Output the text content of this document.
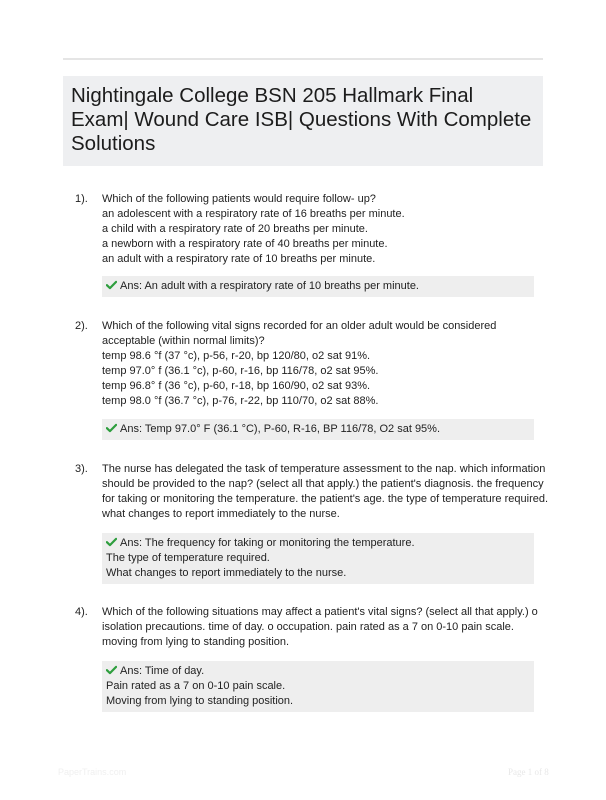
Nightingale College BSN 205 Hallmark Final Exam| Wound Care ISB| Questions With Complete Solutions
1). Which of the following patients would require follow- up?
an adolescent with a respiratory rate of 16 breaths per minute.
a child with a respiratory rate of 20 breaths per minute.
a newborn with a respiratory rate of 40 breaths per minute.
an adult with a respiratory rate of 10 breaths per minute.
Ans: An adult with a respiratory rate of 10 breaths per minute.
2). Which of the following vital signs recorded for an older adult would be considered
acceptable (within normal limits)?
temp 98.6 °f (37 °c), p-56, r-20, bp 120/80, o2 sat 91%.
temp 97.0° f (36.1 °c), p-60, r-16, bp 116/78, o2 sat 95%.
temp 96.8° f (36 °c), p-60, r-18, bp 160/90, o2 sat 93%.
temp 98.0 °f (36.7 °c), p-76, r-22, bp 110/70, o2 sat 88%.
Ans: Temp 97.0° F (36.1 °C), P-60, R-16, BP 116/78, O2 sat 95%.
3). The nurse has delegated the task of temperature assessment to the nap. which information
should be provided to the nap? (select all that apply.) the patient's diagnosis. the frequency
for taking or monitoring the temperature. the patient's age. the type of temperature required.
what changes to report immediately to the nurse.
Ans: The frequency for taking or monitoring the temperature.
The type of temperature required.
What changes to report immediately to the nurse.
4). Which of the following situations may affect a patient's vital signs? (select all that apply.) o
isolation precautions. time of day. o occupation. pain rated as a 7 on 0-10 pain scale.
moving from lying to standing position.
Ans: Time of day.
Pain rated as a 7 on 0-10 pain scale.
Moving from lying to standing position.
PaperTrains.com	Page 1 of 8
